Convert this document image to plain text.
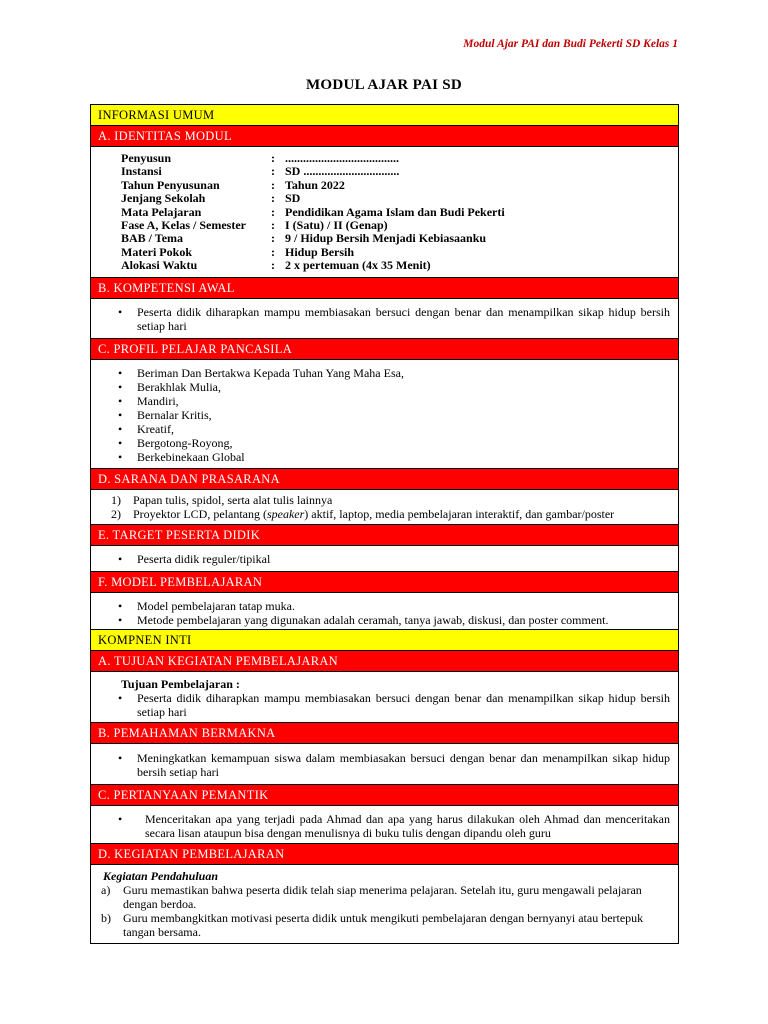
Modul Ajar PAI dan Budi Pekerti SD Kelas 1
MODUL AJAR PAI SD
INFORMASI UMUM
A. IDENTITAS MODUL
Penyusun	: ......................................
Instansi	: SD ................................
Tahun Penyusunan	: Tahun 2022
Jenjang Sekolah	: SD
Mata Pelajaran	: Pendidikan Agama Islam dan Budi Pekerti
Fase A, Kelas / Semester	: I (Satu) / II (Genap)
BAB / Tema	: 9 / Hidup Bersih Menjadi Kebiasaanku
Materi Pokok	: Hidup Bersih
Alokasi Waktu	: 2 x pertemuan (4x 35 Menit)
B. KOMPETENSI AWAL
• Peserta didik diharapkan mampu membiasakan bersuci dengan benar dan menampilkan sikap hidup bersih setiap hari
C. PROFIL PELAJAR PANCASILA
• Beriman Dan Bertakwa Kepada Tuhan Yang Maha Esa,
• Berakhlak Mulia,
• Mandiri,
• Bernalar Kritis,
• Kreatif,
• Bergotong-Royong,
• Berkebinekaan Global
D. SARANA DAN PRASARANA
1) Papan tulis, spidol, serta alat tulis lainnya
2) Proyektor LCD, pelantang (speaker) aktif, laptop, media pembelajaran interaktif, dan gambar/poster
E. TARGET PESERTA DIDIK
• Peserta didik reguler/tipikal
F. MODEL PEMBELAJARAN
• Model pembelajaran tatap muka.
• Metode pembelajaran yang digunakan adalah ceramah, tanya jawab, diskusi, dan poster comment.
KOMPNEN INTI
A. TUJUAN KEGIATAN PEMBELAJARAN
Tujuan Pembelajaran :
• Peserta didik diharapkan mampu membiasakan bersuci dengan benar dan menampilkan sikap hidup bersih setiap hari
B. PEMAHAMAN BERMAKNA
• Meningkatkan kemampuan siswa dalam membiasakan bersuci dengan benar dan menampilkan sikap hidup bersih setiap hari
C. PERTANYAAN PEMANTIK
• Menceritakan apa yang terjadi pada Ahmad dan apa yang harus dilakukan oleh Ahmad dan menceritakan secara lisan ataupun bisa dengan menulisnya di buku tulis dengan dipandu oleh guru
D. KEGIATAN PEMBELAJARAN
Kegiatan Pendahuluan
a) Guru memastikan bahwa peserta didik telah siap menerima pelajaran. Setelah itu, guru mengawali pelajaran dengan berdoa.
b) Guru membangkitkan motivasi peserta didik untuk mengikuti pembelajaran dengan bernyanyi atau bertepuk tangan bersama.
